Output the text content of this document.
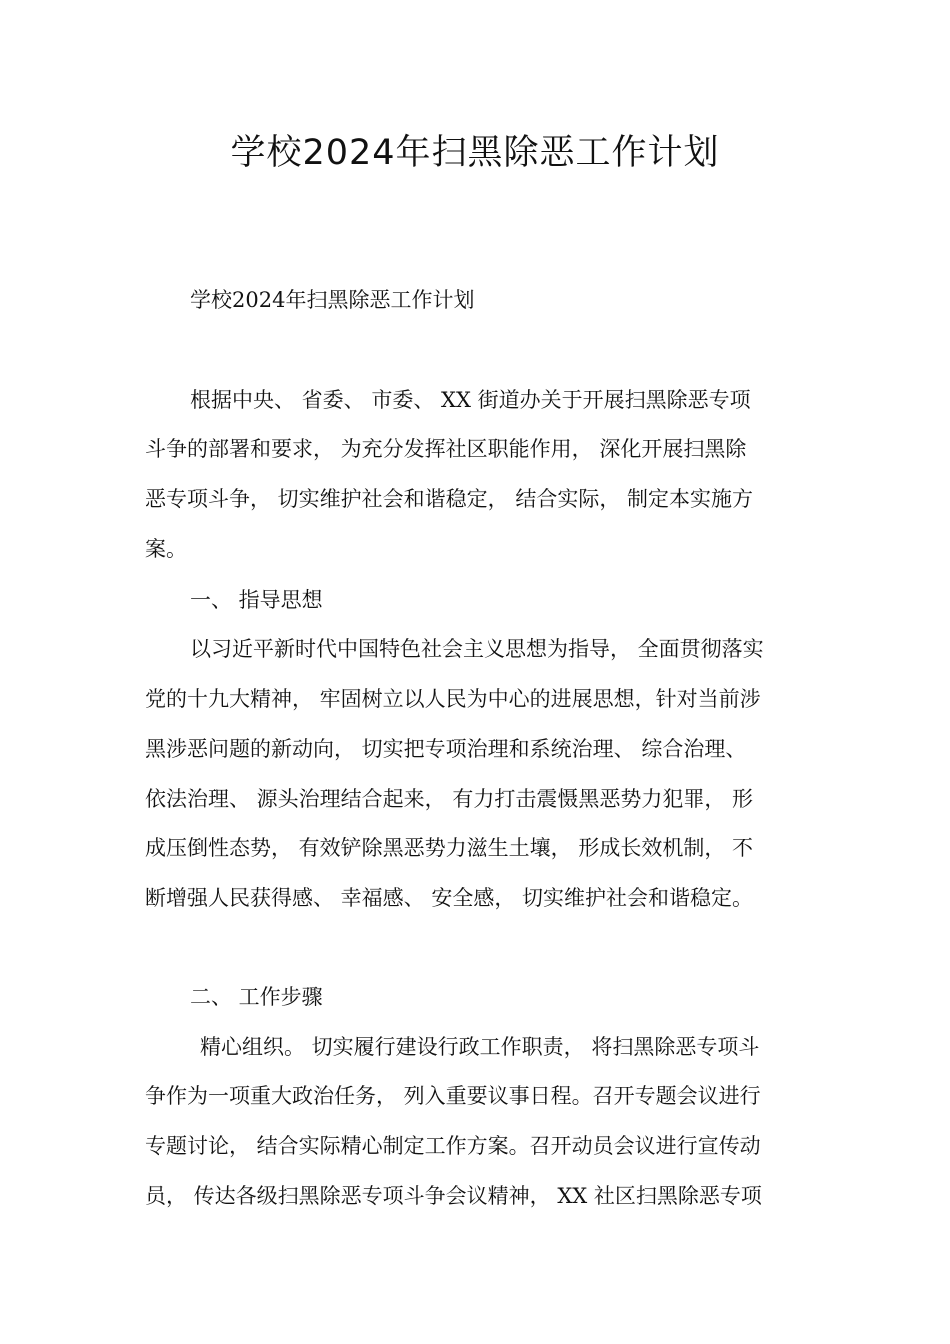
学校2024年扫黑除恶工作计划

学校2024年扫黑除恶工作计划

根据中央、 省委、 市委、 XX 街道办关于开展扫黑除恶专项

斗争的部署和要求， 为充分发挥社区职能作用， 深化开展扫黑除

恶专项斗争， 切实维护社会和谐稳定， 结合实际， 制定本实施方

案。

一、 指导思想

以习近平新时代中国特色社会主义思想为指导， 全面贯彻落实

党的十九大精神， 牢固树立以人民为中心的进展思想，针对当前涉

黑涉恶问题的新动向， 切实把专项治理和系统治理、 综合治理、

依法治理、 源头治理结合起来， 有力打击震慑黑恶势力犯罪， 形

成压倒性态势， 有效铲除黑恶势力滋生土壤， 形成长效机制， 不

断增强人民获得感、 幸福感、 安全感， 切实维护社会和谐稳定。

二、 工作步骤

精心组织。 切实履行建设行政工作职责， 将扫黑除恶专项斗

争作为一项重大政治任务， 列入重要议事日程。召开专题会议进行

专题讨论， 结合实际精心制定工作方案。召开动员会议进行宣传动

员， 传达各级扫黑除恶专项斗争会议精神， XX 社区扫黑除恶专项
